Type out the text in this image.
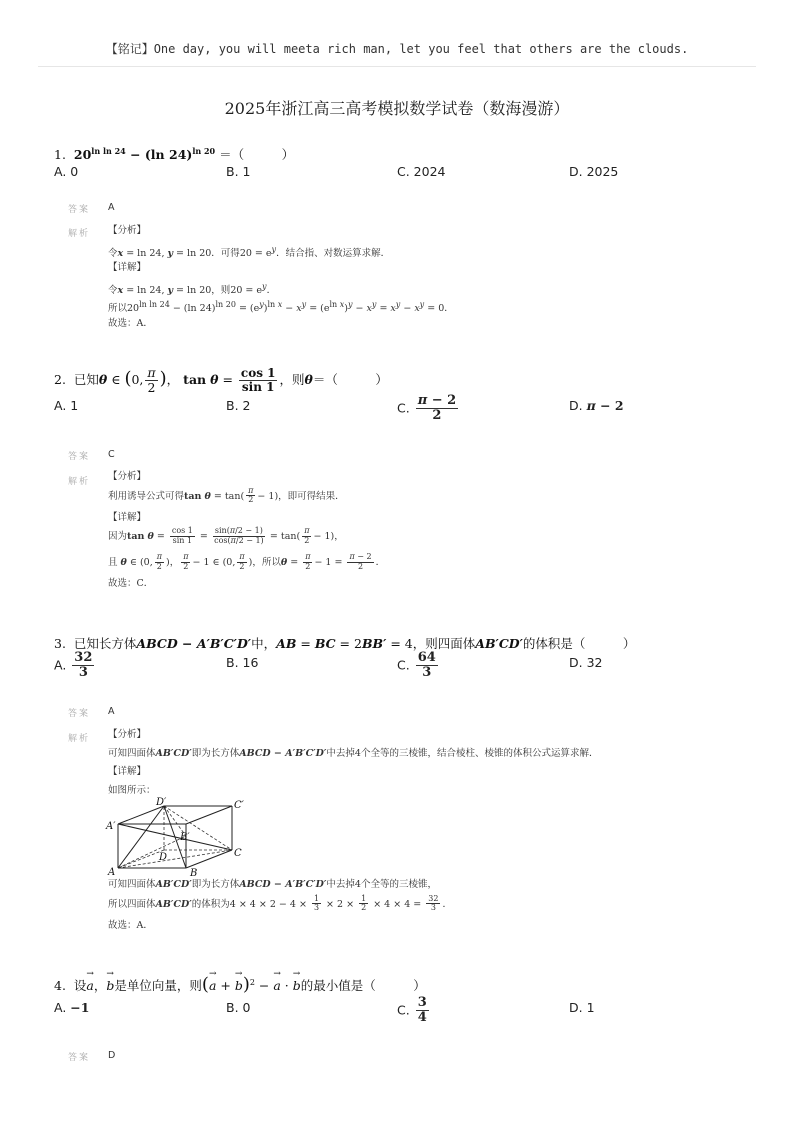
【铭记】One day, you will meeta rich man, let you feel that others are the clouds.
2025年浙江高三高考模拟数学试卷（数海漫游）
1. $20^{ln ln 24} - (\ln$ 24)$^{ln 20}$ ＝（　　　）
A. 0	B. 1	C. 2024	D. 2025
答案 A
解析 【分析】
令x = ln 24, y = ln 20．可得$20 = e^y$．结合指、对数运算求解．
【详解】
令x = ln 24, y = ln 20，则$20 = e^y$．
所以$20^{ln ln 24} - (\ln$ $24)^{ln 20} = (e^y)^{ln x} - x^y = (e^{ln x})^y - x^y = x^y - x^y = 0$．
故选：A．
2. 已知θ ∈ (0, $\frac{\pi}{2}$ )， $\tan \theta = \frac{\cos 1}{\sin 1}$ ，则θ＝（　　　）
A. 1	B. 2	C. $\frac{\pi - 2}{2}$	D. π − 2
答案 C
解析 【分析】
利用诱导公式可得$\tan \theta = \tan( \frac{\pi}{2} - 1)$，即可得结果．
【详解】
因为$\tan \theta = \frac{\cos 1}{\sin 1} = \frac{\sin(\pi/2 - 1)}{\cos(\pi/2 - 1)} = \tan( \frac{\pi}{2} - 1)$，
且 θ ∈ (0, $\frac{\pi}{2}$ )， $\frac{\pi}{2} - 1$ ∈ (0, $\frac{\pi}{2}$ )，所以$\theta = \frac{\pi}{2} - 1 = \frac{\pi - 2}{2}$ ．
故选：C．
3. 已知长方体ABCD − A′B′C′D′中，AB = BC = 2BB′ = 4，则四面体AB′CD′的体积是（　　　）
A. $\frac{32}{3}$	B. 16	C. $\frac{64}{3}$	D. 32
答案 A
解析 【分析】
可知四面体AB′CD′即为长方体ABCD − A′B′C′D′中去掉4个全等的三棱锥，结合棱柱、棱锥的体积公式运算求解．
【详解】
如图所示：
D′	C′
A′
B′
D	C
A	B
可知四面体AB′CD′即为长方体ABCD − A′B′C′D′中去掉4个全等的三棱锥，
所以四面体AB′CD′的体积为$4 \times 4 \times 2 - 4 \times \frac{1}{3} \times 2 \times \frac{1}{2} \times 4 \times 4 = \frac{32}{3}$ ．
故选：A．
4. 设→ a，→ b是单位向量，则(→ a + → b)$^2$ − → a · → b的最小值是（　　　）
A. −1	B. 0	C. $\frac{3}{4}$	D. 1
答案 D
